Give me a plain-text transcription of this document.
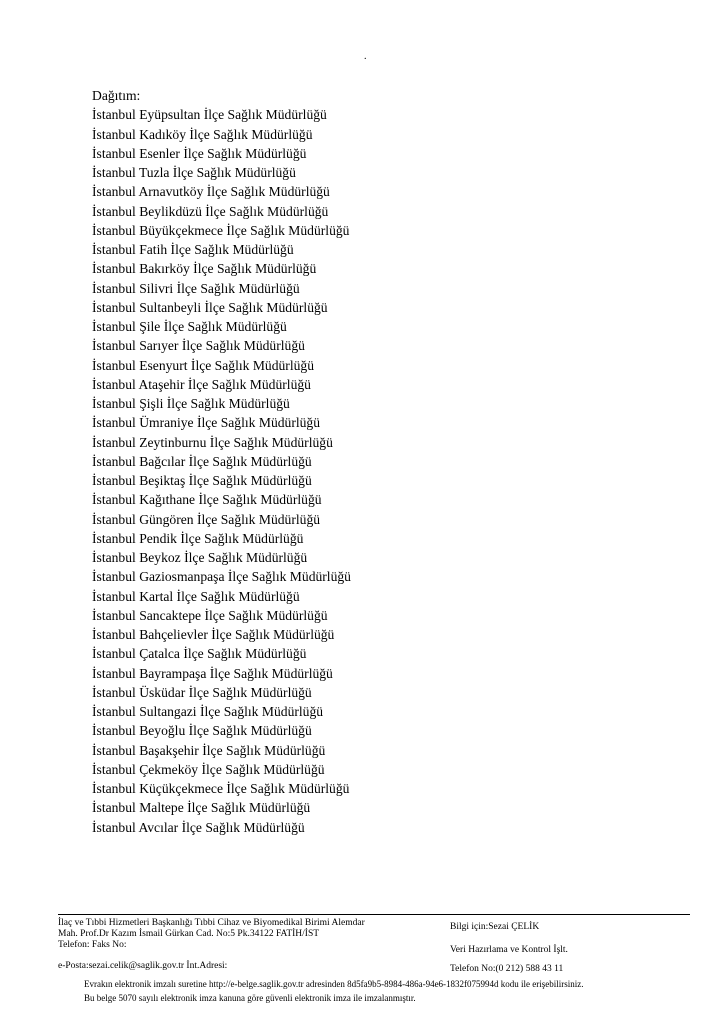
.
Dağıtım:
İstanbul Eyüpsultan İlçe Sağlık Müdürlüğü
İstanbul Kadıköy İlçe Sağlık Müdürlüğü
İstanbul Esenler İlçe Sağlık Müdürlüğü
İstanbul Tuzla İlçe Sağlık Müdürlüğü
İstanbul Arnavutköy İlçe Sağlık Müdürlüğü
İstanbul Beylikdüzü İlçe Sağlık Müdürlüğü
İstanbul Büyükçekmece İlçe Sağlık Müdürlüğü
İstanbul Fatih İlçe Sağlık Müdürlüğü
İstanbul Bakırköy İlçe Sağlık Müdürlüğü
İstanbul Silivri İlçe Sağlık Müdürlüğü
İstanbul Sultanbeyli İlçe Sağlık Müdürlüğü
İstanbul Şile İlçe Sağlık Müdürlüğü
İstanbul Sarıyer İlçe Sağlık Müdürlüğü
İstanbul Esenyurt İlçe Sağlık Müdürlüğü
İstanbul Ataşehir İlçe Sağlık Müdürlüğü
İstanbul Şişli İlçe Sağlık Müdürlüğü
İstanbul Ümraniye İlçe Sağlık Müdürlüğü
İstanbul Zeytinburnu İlçe Sağlık Müdürlüğü
İstanbul Bağcılar İlçe Sağlık Müdürlüğü
İstanbul Beşiktaş İlçe Sağlık Müdürlüğü
İstanbul Kağıthane İlçe Sağlık Müdürlüğü
İstanbul Güngören İlçe Sağlık Müdürlüğü
İstanbul Pendik İlçe Sağlık Müdürlüğü
İstanbul Beykoz İlçe Sağlık Müdürlüğü
İstanbul Gaziosmanpaşa İlçe Sağlık Müdürlüğü
İstanbul Kartal İlçe Sağlık Müdürlüğü
İstanbul Sancaktepe İlçe Sağlık Müdürlüğü
İstanbul Bahçelievler İlçe Sağlık Müdürlüğü
İstanbul Çatalca İlçe Sağlık Müdürlüğü
İstanbul Bayrampaşa İlçe Sağlık Müdürlüğü
İstanbul Üsküdar İlçe Sağlık Müdürlüğü
İstanbul Sultangazi İlçe Sağlık Müdürlüğü
İstanbul Beyoğlu İlçe Sağlık Müdürlüğü
İstanbul Başakşehir İlçe Sağlık Müdürlüğü
İstanbul Çekmeköy İlçe Sağlık Müdürlüğü
İstanbul Küçükçekmece İlçe Sağlık Müdürlüğü
İstanbul Maltepe İlçe Sağlık Müdürlüğü
İstanbul Avcılar İlçe Sağlık Müdürlüğü
İlaç ve Tıbbi Hizmetleri Başkanlığı Tıbbi Cihaz ve Biyomedikal Birimi Alemdar
Mah. Prof.Dr Kazım İsmail Gürkan Cad. No:5 Pk.34122 FATİH/İST
Telefon: Faks No:
e-Posta:sezai.celik@saglik.gov.tr İnt.Adresi:
Bilgi için:Sezai ÇELİK
Veri Hazırlama ve Kontrol İşlt.
Telefon No:(0 212) 588 43 11
Evrakın elektronik imzalı suretine http://e-belge.saglik.gov.tr adresinden 8d5fa9b5-8984-486a-94e6-1832f075994d kodu ile erişebilirsiniz.
Bu belge 5070 sayılı elektronik imza kanuna göre güvenli elektronik imza ile imzalanmıştır.
